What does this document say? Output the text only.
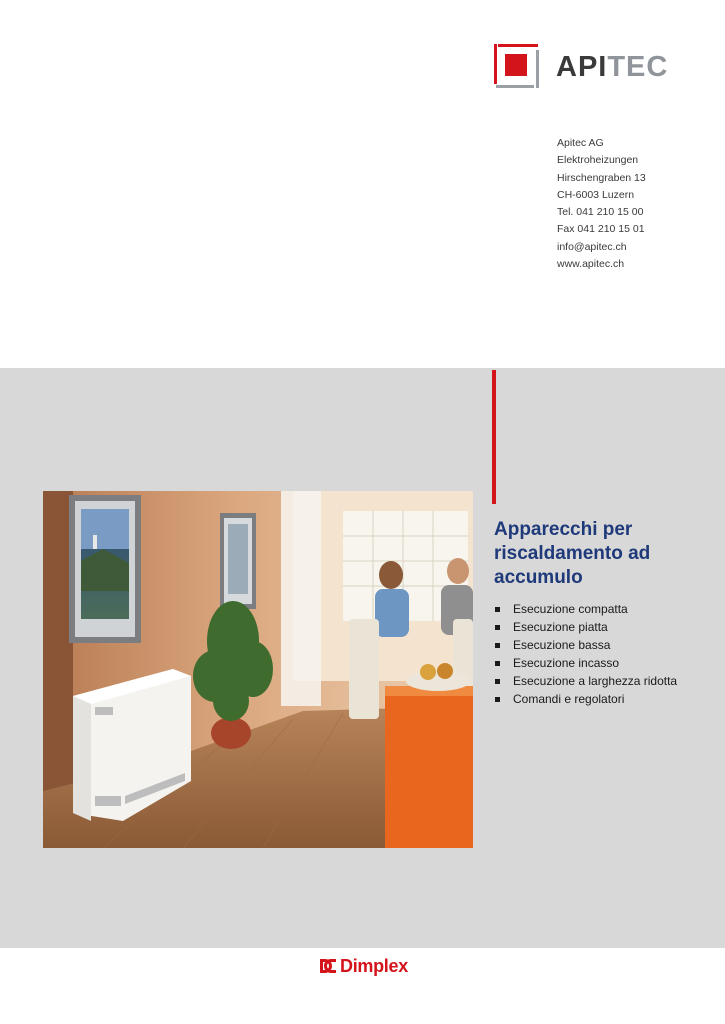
APITEC
Apitec AG
Elektroheizungen
Hirschengraben 13
CH-6003 Luzern
Tel. 041 210 15 00
Fax 041 210 15 01
info@apitec.ch
www.apitec.ch
Apparecchi per riscaldamento ad accumulo
Esecuzione compatta
Esecuzione piatta
Esecuzione bassa
Esecuzione incasso
Esecuzione a larghezza ridotta
Comandi e regolatori
Dimplex
